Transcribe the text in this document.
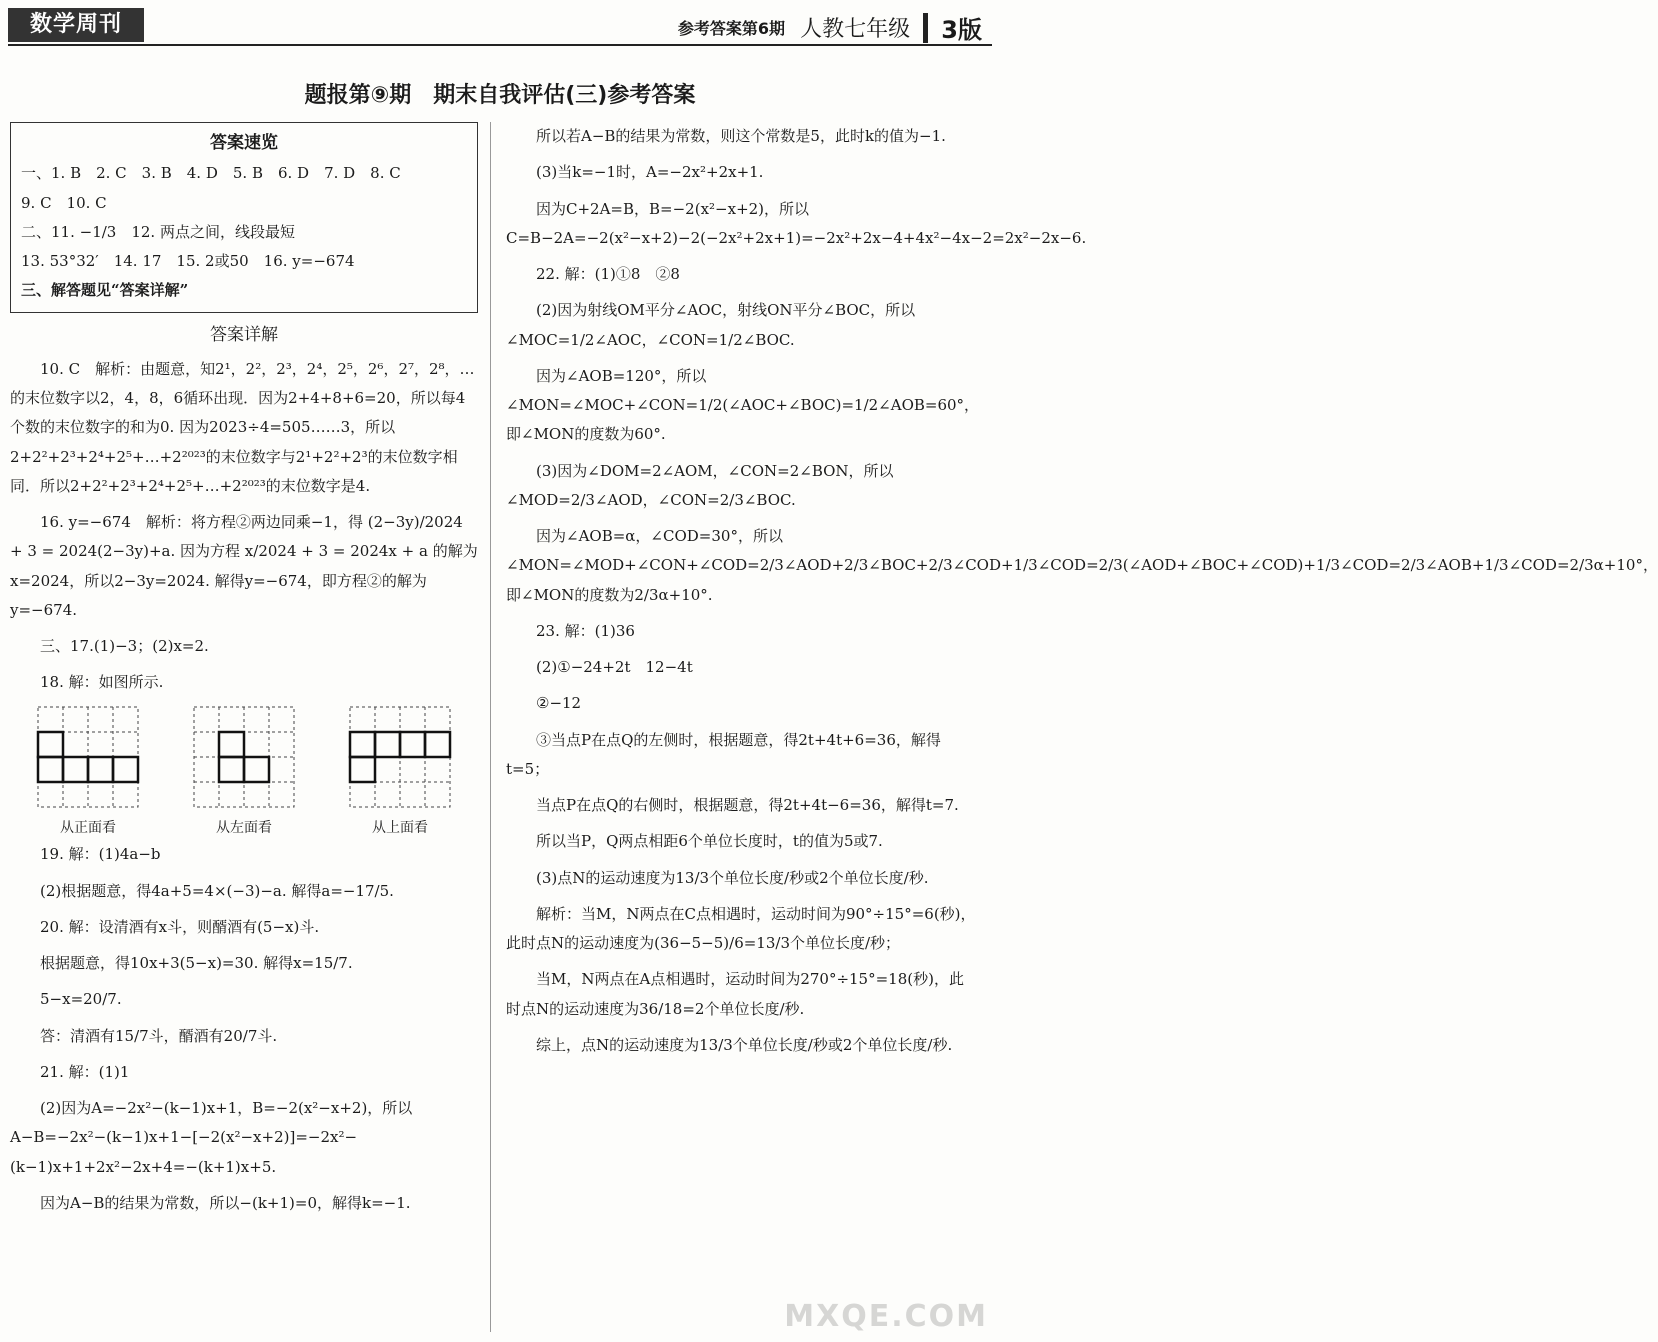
数学周刊	参考答案第6期 人教七年级 3版
题报第⑨期　期末自我评估(三)参考答案
答案速览
一、1. B　2. C　3. B　4. D　5. B　6. D　7. D　8. C
9. C　10. C
二、11. −1/3　12. 两点之间，线段最短
13. 53°32′　14. 17　15. 2或50　16. y=−674
三、解答题见“答案详解”
答案详解

10. C　解析：由题意，知2¹，2²，2³，2⁴，2⁵，2⁶，2⁷，2⁸，…的末位数字以2，4，8，6循环出现．因为2+4+8+6=20，所以每4个数的末位数字的和为0. 因为2023÷4=505……3，所以2+2²+2³+2⁴+2⁵+…+2²⁰²³的末位数字与2¹+2²+2³的末位数字相同．所以2+2²+2³+2⁴+2⁵+…+2²⁰²³的末位数字是4.

16. y=−674　解析：将方程②两边同乘−1，得 (2−3y)/2024 + 3 = 2024(2−3y)+a. 因为方程 x/2024 + 3 = 2024x + a 的解为x=2024，所以2−3y=2024. 解得y=−674，即方程②的解为y=−674.

三、17.(1)−3；(2)x=2.

18. 解：如图所示.

从正面看	从左面看	从上面看

19. 解：(1)4a−b

(2)根据题意，得4a+5=4×(−3)−a. 解得a=−17/5.

20. 解：设清酒有x斗，则醑酒有(5−x)斗.

根据题意，得10x+3(5−x)=30. 解得x=15/7.

5−x=20/7.

答：清酒有15/7斗，醑酒有20/7斗.

21. 解：(1)1

(2)因为A=−2x²−(k−1)x+1，B=−2(x²−x+2)，所以A−B=−2x²−(k−1)x+1−[−2(x²−x+2)]=−2x²−(k−1)x+1+2x²−2x+4=−(k+1)x+5.

因为A−B的结果为常数，所以−(k+1)=0，解得k=−1.

所以若A−B的结果为常数，则这个常数是5，此时k的值为−1.

(3)当k=−1时，A=−2x²+2x+1.

因为C+2A=B，B=−2(x²−x+2)，所以C=B−2A=−2(x²−x+2)−2(−2x²+2x+1)=−2x²+2x−4+4x²−4x−2=2x²−2x−6.

22. 解：(1)①8　②8

(2)因为射线OM平分∠AOC，射线ON平分∠BOC，所以∠MOC=1/2∠AOC，∠CON=1/2∠BOC.

因为∠AOB=120°，所以∠MON=∠MOC+∠CON=1/2(∠AOC+∠BOC)=1/2∠AOB=60°，即∠MON的度数为60°.

(3)因为∠DOM=2∠AOM，∠CON=2∠BON，所以∠MOD=2/3∠AOD，∠CON=2/3∠BOC.

因为∠AOB=α，∠COD=30°，所以∠MON=∠MOD+∠CON+∠COD=2/3∠AOD+2/3∠BOC+2/3∠COD+1/3∠COD=2/3(∠AOD+∠BOC+∠COD)+1/3∠COD=2/3∠AOB+1/3∠COD=2/3α+10°，即∠MON的度数为2/3α+10°.

23. 解：(1)36

(2)①−24+2t　12−4t

②−12

③当点P在点Q的左侧时，根据题意，得2t+4t+6=36，解得t=5；

当点P在点Q的右侧时，根据题意，得2t+4t−6=36，解得t=7.

所以当P，Q两点相距6个单位长度时，t的值为5或7.

(3)点N的运动速度为13/3个单位长度/秒或2个单位长度/秒.

解析：当M，N两点在C点相遇时，运动时间为90°÷15°=6(秒)，此时点N的运动速度为(36−5−5)/6=13/3个单位长度/秒；

当M，N两点在A点相遇时，运动时间为270°÷15°=18(秒)，此时点N的运动速度为36/18=2个单位长度/秒.

综上，点N的运动速度为13/3个单位长度/秒或2个单位长度/秒.

MXQE.COM
